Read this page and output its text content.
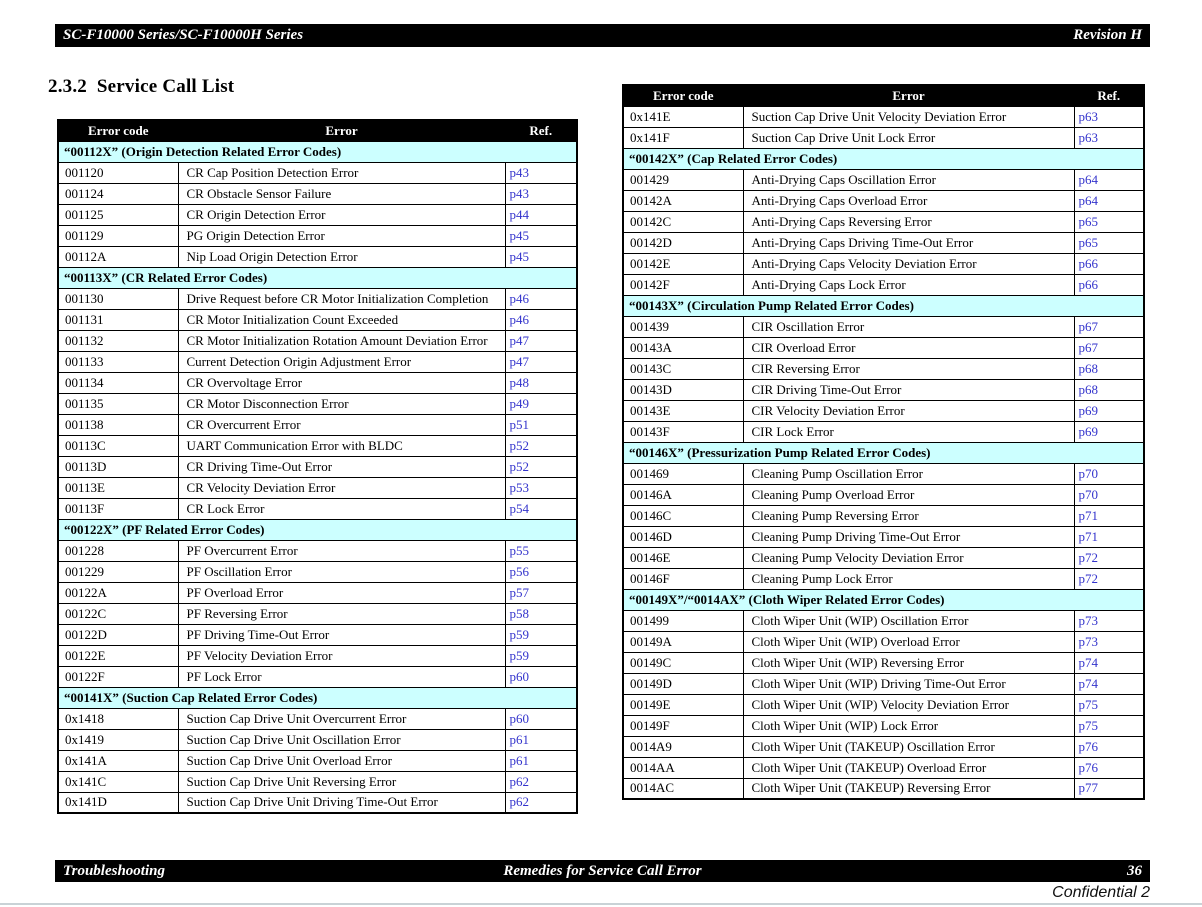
SC-F10000 Series/SC-F10000H Series	Revision H
2.3.2  Service Call List
Error code	Error	Ref.
“00112X” (Origin Detection Related Error Codes)		
001120	CR Cap Position Detection Error	p43
001124	CR Obstacle Sensor Failure	p43
001125	CR Origin Detection Error	p44
001129	PG Origin Detection Error	p45
00112A	Nip Load Origin Detection Error	p45
“00113X” (CR Related Error Codes)		
001130	Drive Request before CR Motor Initialization Completion	p46
001131	CR Motor Initialization Count Exceeded	p46
001132	CR Motor Initialization Rotation Amount Deviation Error	p47
001133	Current Detection Origin Adjustment Error	p47
001134	CR Overvoltage Error	p48
001135	CR Motor Disconnection Error	p49
001138	CR Overcurrent Error	p51
00113C	UART Communication Error with BLDC	p52
00113D	CR Driving Time-Out Error	p52
00113E	CR Velocity Deviation Error	p53
00113F	CR Lock Error	p54
“00122X” (PF Related Error Codes)		
001228	PF Overcurrent Error	p55
001229	PF Oscillation Error	p56
00122A	PF Overload Error	p57
00122C	PF Reversing Error	p58
00122D	PF Driving Time-Out Error	p59
00122E	PF Velocity Deviation Error	p59
00122F	PF Lock Error	p60
“00141X” (Suction Cap Related Error Codes)		
0x1418	Suction Cap Drive Unit Overcurrent Error	p60
0x1419	Suction Cap Drive Unit Oscillation Error	p61
0x141A	Suction Cap Drive Unit Overload Error	p61
0x141C	Suction Cap Drive Unit Reversing Error	p62
0x141D	Suction Cap Drive Unit Driving Time-Out Error	p62
Error code	Error	Ref.
0x141E	Suction Cap Drive Unit Velocity Deviation Error	p63
0x141F	Suction Cap Drive Unit Lock Error	p63
“00142X” (Cap Related Error Codes)		
001429	Anti-Drying Caps Oscillation Error	p64
00142A	Anti-Drying Caps Overload Error	p64
00142C	Anti-Drying Caps Reversing Error	p65
00142D	Anti-Drying Caps Driving Time-Out Error	p65
00142E	Anti-Drying Caps Velocity Deviation Error	p66
00142F	Anti-Drying Caps Lock Error	p66
“00143X” (Circulation Pump Related Error Codes)		
001439	CIR Oscillation Error	p67
00143A	CIR Overload Error	p67
00143C	CIR Reversing Error	p68
00143D	CIR Driving Time-Out Error	p68
00143E	CIR Velocity Deviation Error	p69
00143F	CIR Lock Error	p69
“00146X” (Pressurization Pump Related Error Codes)		
001469	Cleaning Pump Oscillation Error	p70
00146A	Cleaning Pump Overload Error	p70
00146C	Cleaning Pump Reversing Error	p71
00146D	Cleaning Pump Driving Time-Out Error	p71
00146E	Cleaning Pump Velocity Deviation Error	p72
00146F	Cleaning Pump Lock Error	p72
“00149X”/“0014AX” (Cloth Wiper Related Error Codes)		
001499	Cloth Wiper Unit (WIP) Oscillation Error	p73
00149A	Cloth Wiper Unit (WIP) Overload Error	p73
00149C	Cloth Wiper Unit (WIP) Reversing Error	p74
00149D	Cloth Wiper Unit (WIP) Driving Time-Out Error	p74
00149E	Cloth Wiper Unit (WIP) Velocity Deviation Error	p75
00149F	Cloth Wiper Unit (WIP) Lock Error	p75
0014A9	Cloth Wiper Unit (TAKEUP) Oscillation Error	p76
0014AA	Cloth Wiper Unit (TAKEUP) Overload Error	p76
0014AC	Cloth Wiper Unit (TAKEUP) Reversing Error	p77
Troubleshooting	Remedies for Service Call Error	36
Confidential 2
